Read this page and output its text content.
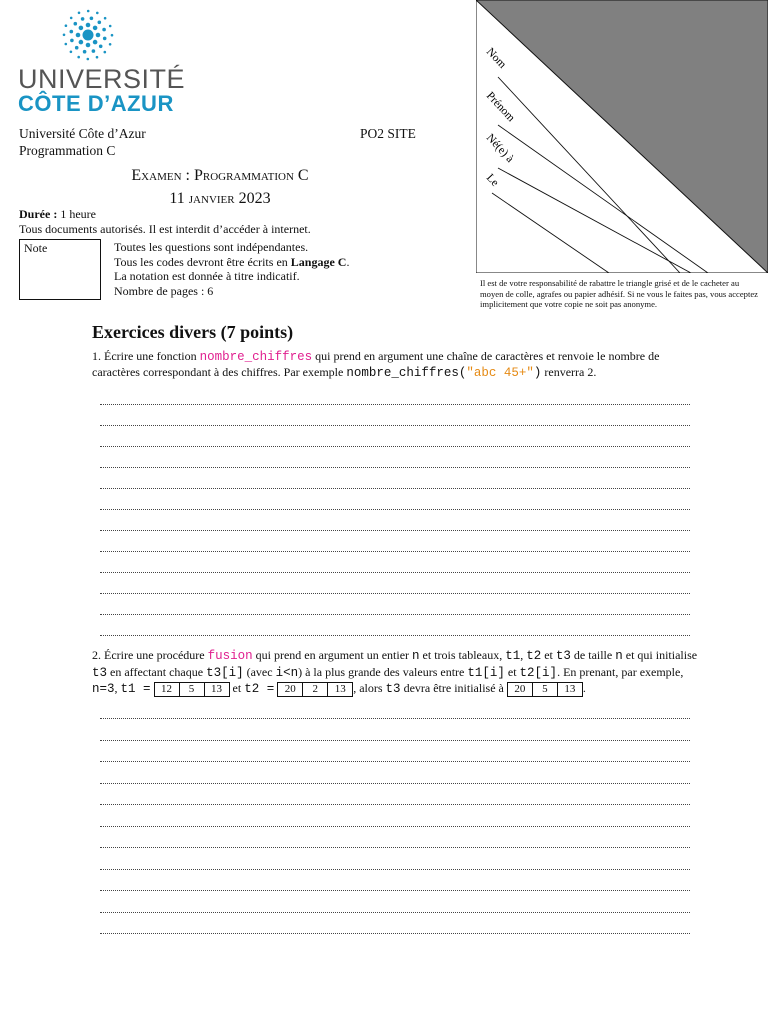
UNIVERSITÉ
CÔTE D’AZUR
Université Côte d’Azur
Programmation C
PO2 SITE
Examen : Programmation C
11 janvier 2023
Durée : 1 heure
Tous documents autorisés. Il est interdit d’accéder à internet.
Note	Toutes les questions sont indépendantes.
Tous les codes devront être écrits en Langage C.
La notation est donnée à titre indicatif.
Nombre de pages : 6
Nom
Prénom
Né(e) à
Le
Il est de votre responsabilité de rabattre le triangle grisé et de le cacheter au moyen de colle, agrafes ou papier adhésif. Si ne vous le faites pas, vous acceptez implicitement que votre copie ne soit pas anonyme.
Exercices divers (7 points)

1. Écrire une fonction nombre_chiffres qui prend en argument une chaîne de caractères et renvoie le nombre de caractères correspondant à des chiffres. Par exemple nombre_chiffres("abc 45+") renverra 2.

2. Écrire une procédure fusion qui prend en argument un entier n et trois tableaux, t1, t2 et t3 de taille n et qui initialise t3 en affectant chaque t3[i] (avec i<n) à la plus grande des valeurs entre t1[i] et t2[i]. En prenant, par exemple, n=3, t1 = 12	5	13 et t2 = 20	2	13 , alors t3 devra être initialisé à 20	5	13 .
